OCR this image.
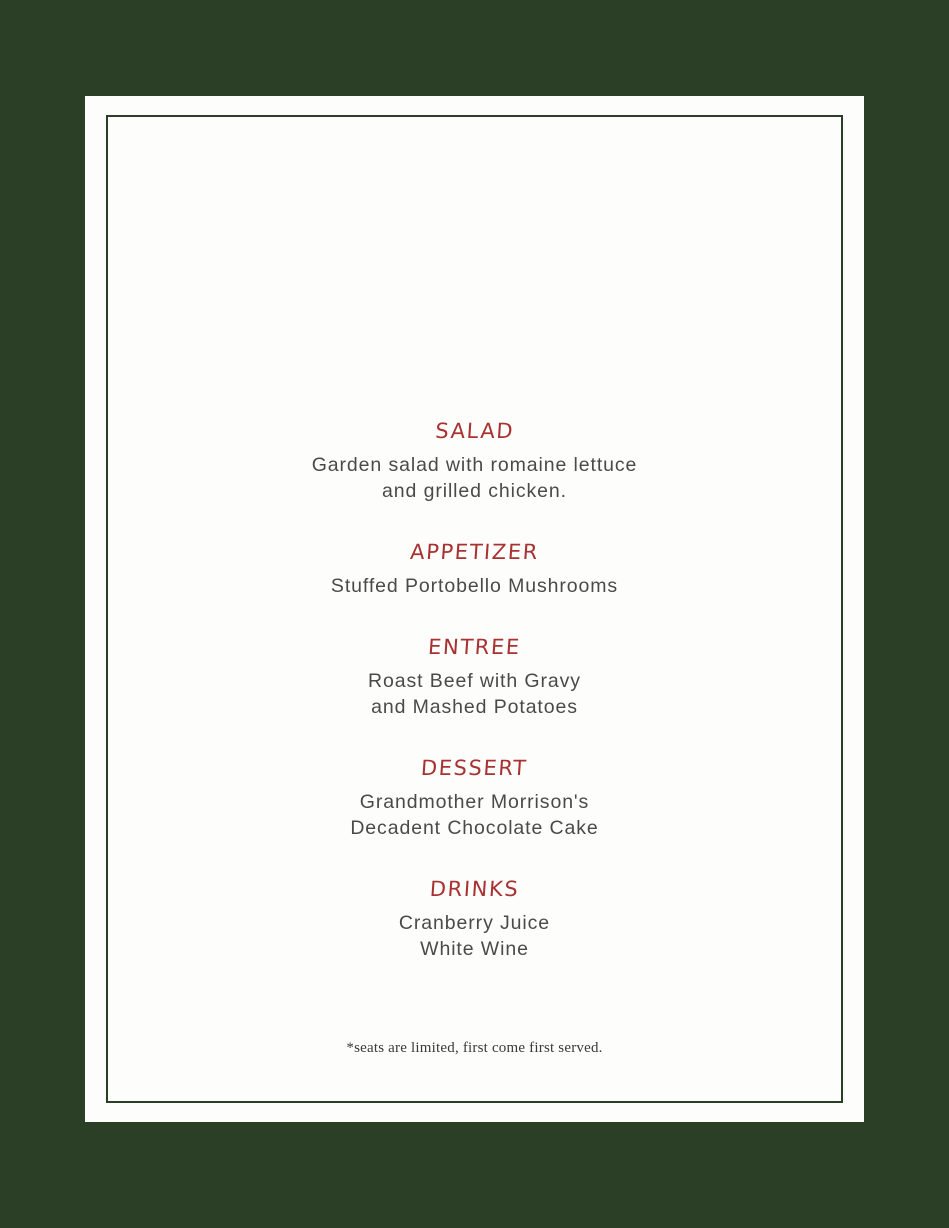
SALAD

Garden salad with romaine lettuce
and grilled chicken.

APPETIZER

Stuffed Portobello Mushrooms

ENTREE

Roast Beef with Gravy
and Mashed Potatoes

DESSERT

Grandmother Morrison's
Decadent Chocolate Cake

DRINKS

Cranberry Juice
White Wine

*seats are limited, first come first served.
